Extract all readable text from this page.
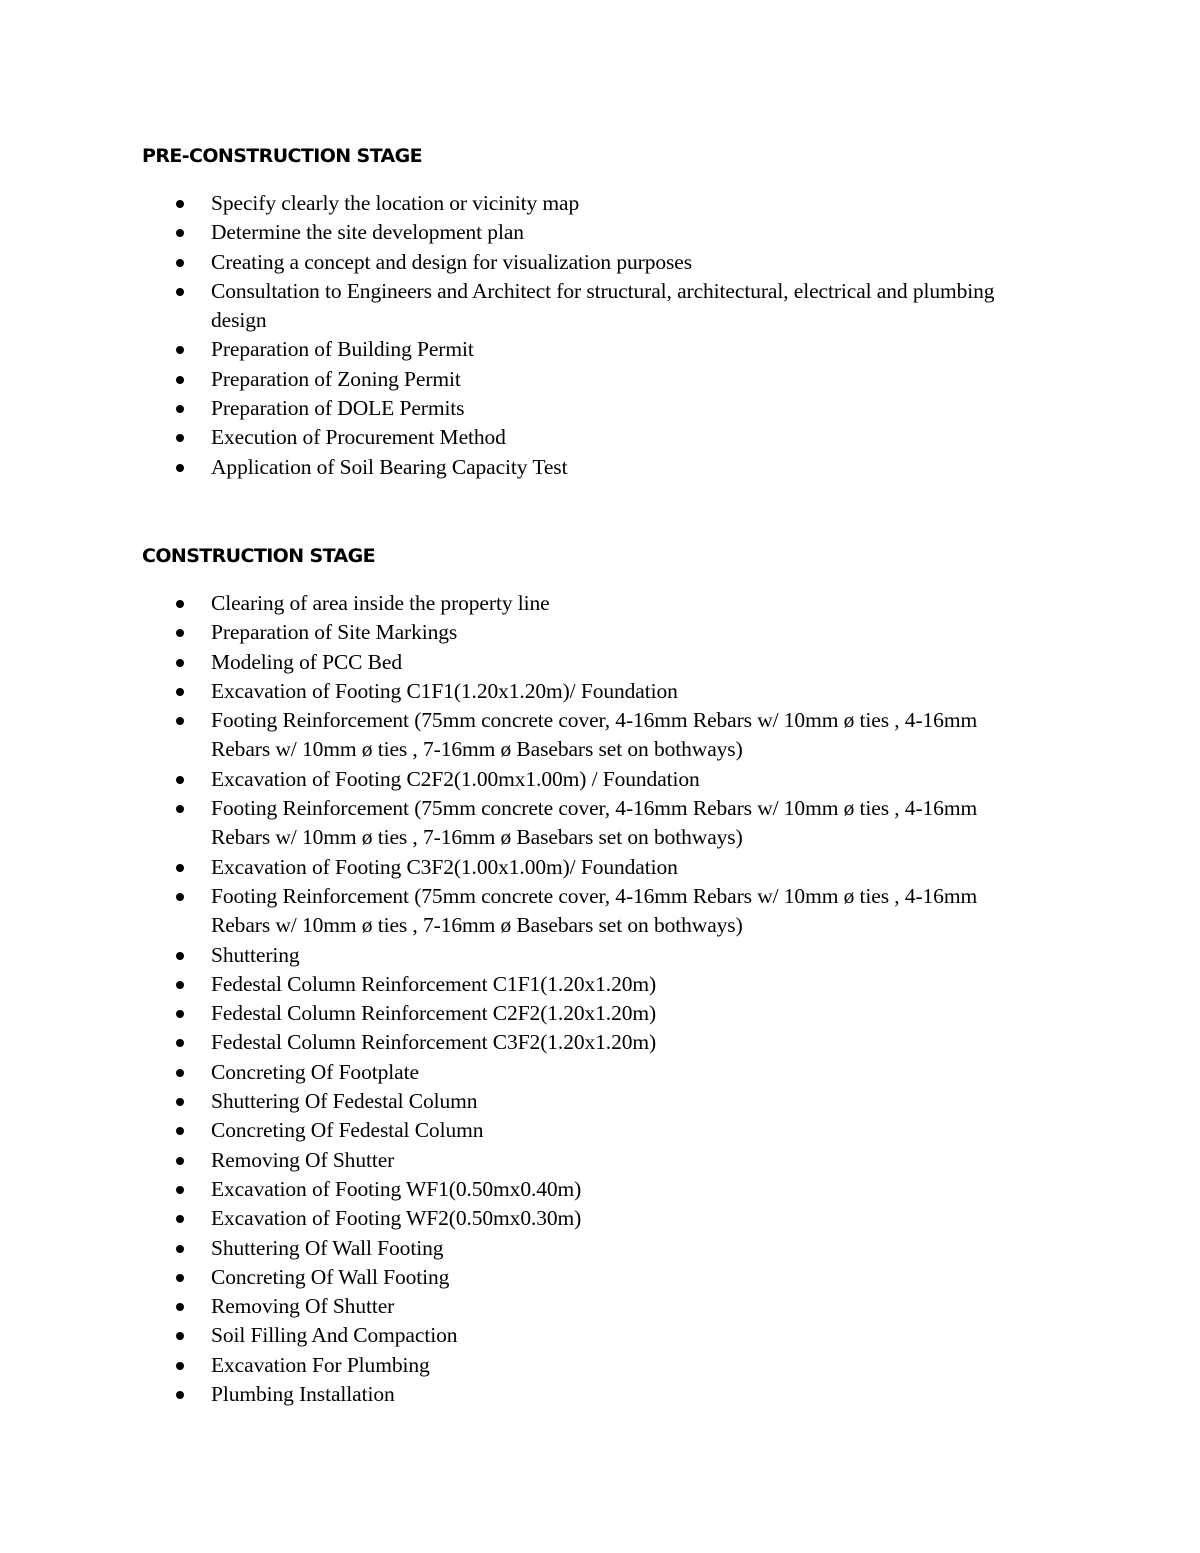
PRE-CONSTRUCTION STAGE
Specify clearly the location or vicinity map
Determine the site development plan
Creating a concept and design for visualization purposes
Consultation to Engineers and Architect for structural, architectural, electrical and plumbing design
Preparation of Building Permit
Preparation of Zoning Permit
Preparation of DOLE Permits
Execution of Procurement Method
Application of Soil Bearing Capacity Test
CONSTRUCTION STAGE
Clearing of area inside the property line
Preparation of Site Markings
Modeling of PCC Bed
Excavation of Footing C1F1(1.20x1.20m)/ Foundation
Footing Reinforcement (75mm concrete cover, 4-16mm Rebars w/ 10mm ø ties , 4-16mm Rebars w/ 10mm ø ties , 7-16mm ø Basebars set on bothways)
Excavation of Footing C2F2(1.00mx1.00m) / Foundation
Footing Reinforcement (75mm concrete cover, 4-16mm Rebars w/ 10mm ø ties , 4-16mm Rebars w/ 10mm ø ties , 7-16mm ø Basebars set on bothways)
Excavation of Footing C3F2(1.00x1.00m)/ Foundation
Footing Reinforcement (75mm concrete cover, 4-16mm Rebars w/ 10mm ø ties , 4-16mm Rebars w/ 10mm ø ties , 7-16mm ø Basebars set on bothways)
Shuttering
Fedestal Column Reinforcement C1F1(1.20x1.20m)
Fedestal Column Reinforcement C2F2(1.20x1.20m)
Fedestal Column Reinforcement C3F2(1.20x1.20m)
Concreting Of Footplate
Shuttering Of Fedestal Column
Concreting Of Fedestal Column
Removing Of Shutter
Excavation of Footing WF1(0.50mx0.40m)
Excavation of Footing WF2(0.50mx0.30m)
Shuttering Of Wall Footing
Concreting Of Wall Footing
Removing Of Shutter
Soil Filling And Compaction
Excavation For Plumbing
Plumbing Installation
